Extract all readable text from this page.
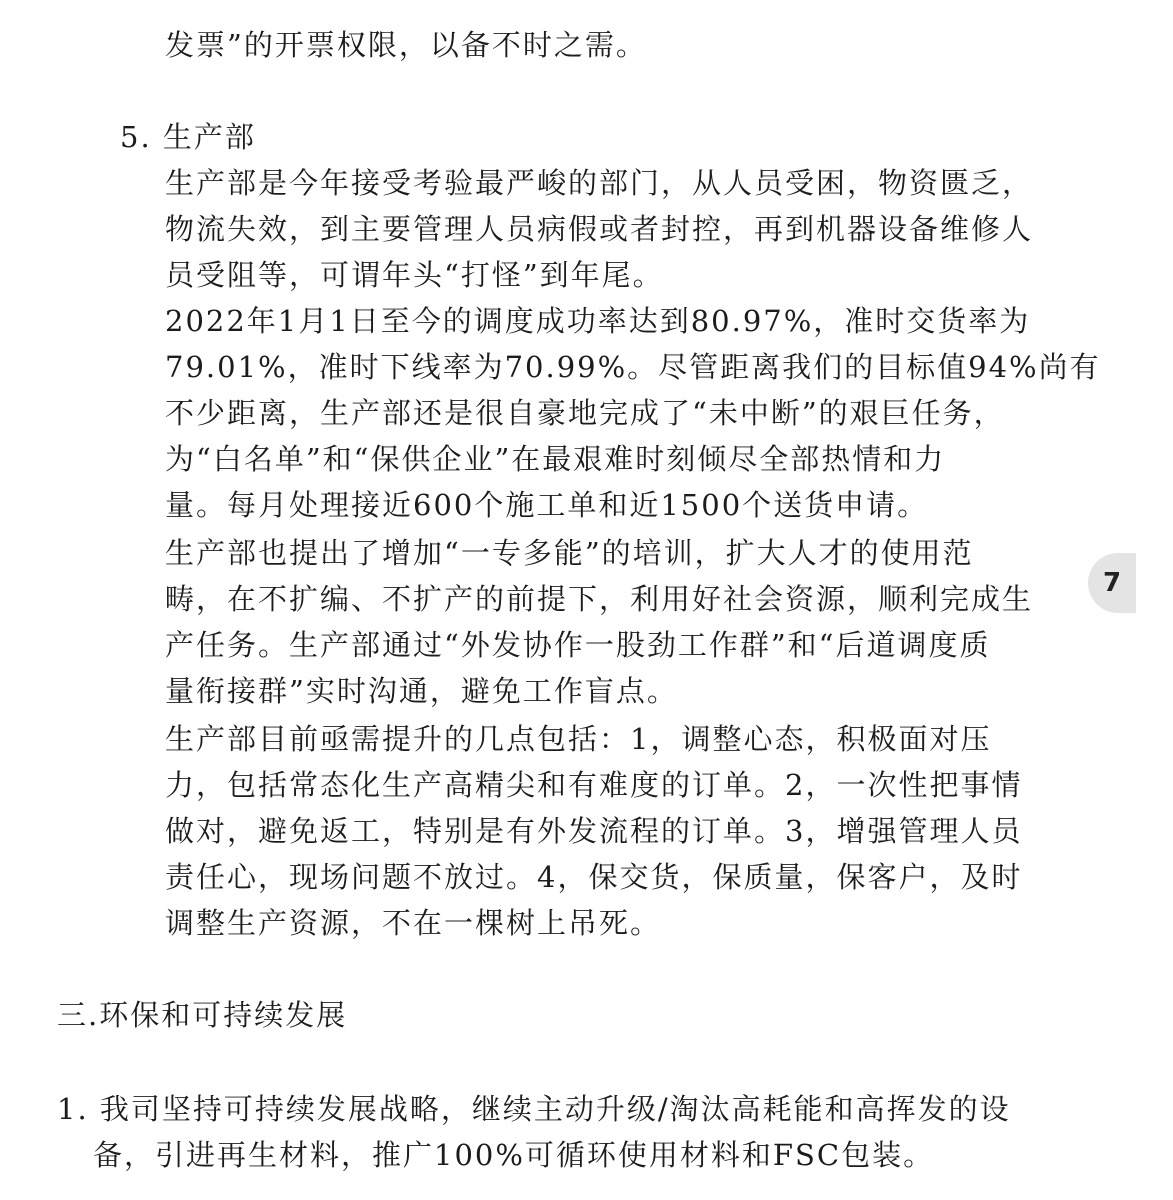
发票”的开票权限，以备不时之需。
5. 生产部
生产部是今年接受考验最严峻的部门，从人员受困，物资匮乏，
物流失效，到主要管理人员病假或者封控，再到机器设备维修人
员受阻等，可谓年头“打怪”到年尾。
2022年1月1日至今的调度成功率达到80.97%，准时交货率为
79.01%，准时下线率为70.99%。尽管距离我们的目标值94%尚有
不少距离，生产部还是很自豪地完成了“未中断”的艰巨任务，
为“白名单”和“保供企业”在最艰难时刻倾尽全部热情和力
量。每月处理接近600个施工单和近1500个送货申请。
生产部也提出了增加“一专多能”的培训，扩大人才的使用范
畴，在不扩编、不扩产的前提下，利用好社会资源，顺利完成生
产任务。生产部通过“外发协作一股劲工作群”和“后道调度质
量衔接群”实时沟通，避免工作盲点。
生产部目前亟需提升的几点包括：1，调整心态，积极面对压
力，包括常态化生产高精尖和有难度的订单。2，一次性把事情
做对，避免返工，特别是有外发流程的订单。3，增强管理人员
责任心，现场问题不放过。4，保交货，保质量，保客户，及时
调整生产资源，不在一棵树上吊死。
三.环保和可持续发展
1. 我司坚持可持续发展战略，继续主动升级/淘汰高耗能和高挥发的设
备，引进再生材料，推广100%可循环使用材料和FSC包装。
7
